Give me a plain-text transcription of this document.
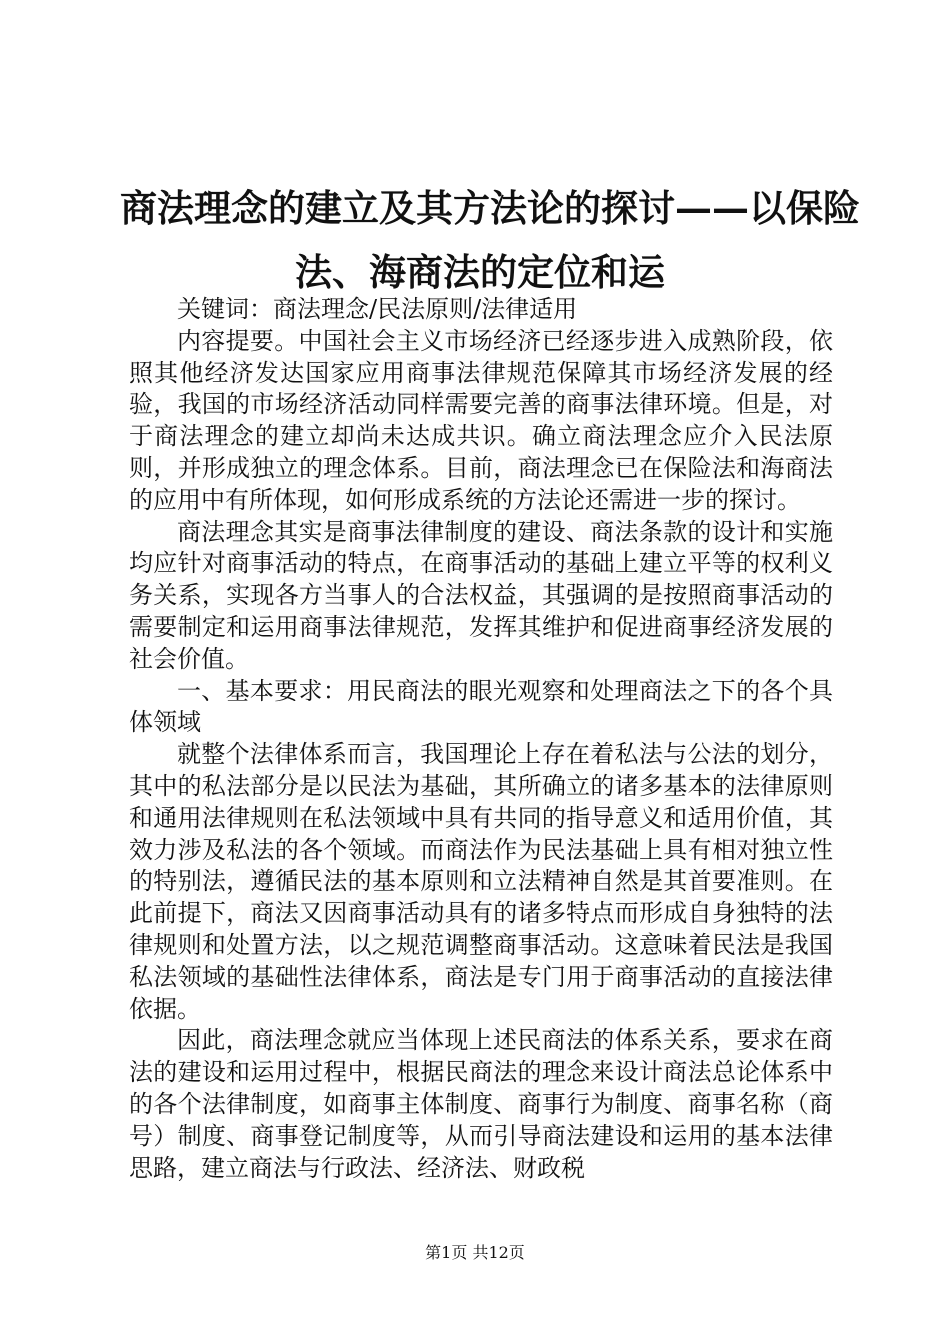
商法理念的建立及其方法论的探讨——以保险
法、海商法的定位和运

关键词：商法理念/民法原则/法律适用

内容提要。中国社会主义市场经济已经逐步进入成熟阶段，依照其他经济发达国家应用商事法律规范保障其市场经济发展的经验，我国的市场经济活动同样需要完善的商事法律环境。但是，对于商法理念的建立却尚未达成共识。确立商法理念应介入民法原则，并形成独立的理念体系。目前，商法理念已在保险法和海商法的应用中有所体现，如何形成系统的方法论还需进一步的探讨。

商法理念其实是商事法律制度的建设、商法条款的设计和实施均应针对商事活动的特点，在商事活动的基础上建立平等的权利义务关系，实现各方当事人的合法权益，其强调的是按照商事活动的需要制定和运用商事法律规范，发挥其维护和促进商事经济发展的社会价值。

一、基本要求：用民商法的眼光观察和处理商法之下的各个具体领域

就整个法律体系而言，我国理论上存在着私法与公法的划分，其中的私法部分是以民法为基础，其所确立的诸多基本的法律原则和通用法律规则在私法领域中具有共同的指导意义和适用价值，其效力涉及私法的各个领域。而商法作为民法基础上具有相对独立性的特别法，遵循民法的基本原则和立法精神自然是其首要准则。在此前提下，商法又因商事活动具有的诸多特点而形成自身独特的法律规则和处置方法，以之规范调整商事活动。这意味着民法是我国私法领域的基础性法律体系，商法是专门用于商事活动的直接法律依据。

因此，商法理念就应当体现上述民商法的体系关系，要求在商法的建设和运用过程中，根据民商法的理念来设计商法总论体系中的各个法律制度，如商事主体制度、商事行为制度、商事名称（商号）制度、商事登记制度等，从而引导商法建设和运用的基本法律思路，建立商法与行政法、经济法、财政税

第1页 共12页
